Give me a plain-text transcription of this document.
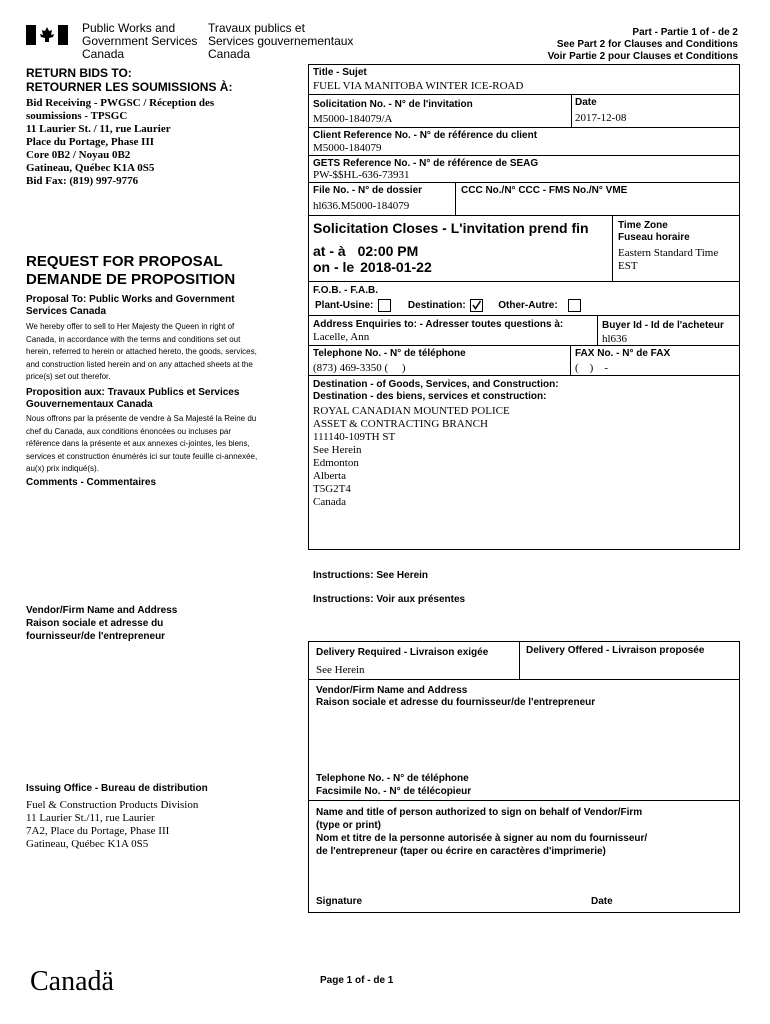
Public Works and
Government Services
Canada
Travaux publics et
Services gouvernementaux
Canada
Part - Partie 1 of - de 2
See Part 2 for Clauses and Conditions
Voir Partie 2 pour Clauses et Conditions
RETURN BIDS TO:
RETOURNER LES SOUMISSIONS À:
Bid Receiving - PWGSC / Réception des
soumissions - TPSGC
11 Laurier St. / 11, rue Laurier
Place du Portage, Phase III
Core 0B2 / Noyau 0B2
Gatineau, Québec K1A 0S5
Bid Fax: (819) 997-9776
REQUEST FOR PROPOSAL
DEMANDE DE PROPOSITION
Proposal To: Public Works and Government Services Canada
We hereby offer to sell to Her Majesty the Queen in right of Canada, in accordance with the terms and conditions set out herein, referred to herein or attached hereto, the goods, services, and construction listed herein and on any attached sheets at the price(s) set out therefor.
Proposition aux: Travaux Publics et Services Gouvernementaux Canada
Nous offrons par la présente de vendre à Sa Majesté la Reine du chef du Canada, aux conditions énoncées ou incluses par référence dans la présente et aux annexes ci-jointes, les biens, services et construction énumérés ici sur toute feuille ci-annexée, au(x) prix indiqué(s).
Comments - Commentaires
Vendor/Firm Name and Address
Raison sociale et adresse du
fournisseur/de l'entrepreneur
Issuing Office - Bureau de distribution
Fuel & Construction Products Division
11 Laurier St./11, rue Laurier
7A2, Place du Portage, Phase III
Gatineau, Québec K1A 0S5
Title - Sujet
FUEL VIA MANITOBA WINTER ICE-ROAD
Solicitation No. - N° de l'invitation
M5000-184079/A
Date
2017-12-08
Client Reference No. - N° de référence du client
M5000-184079
GETS Reference No. - N° de référence de SEAG
PW-$$HL-636-73931
File No. - N° de dossier
hl636.M5000-184079
CCC No./N° CCC - FMS No./N° VME
Solicitation Closes - L'invitation prend fin
at - à 02:00 PM
on - le 2018-01-22
Time Zone
Fuseau horaire
Eastern Standard Time
EST
F.O.B. - F.A.B.
Plant-Usine:	Destination:	Other-Autre:
Address Enquiries to: - Adresser toutes questions à:
Lacelle, Ann
Buyer Id - Id de l'acheteur
hl636
Telephone No. - N° de téléphone
(873) 469-3350 (     )
FAX No. - N° de FAX
(    )    -
Destination - of Goods, Services, and Construction:
Destination - des biens, services et construction:
ROYAL CANADIAN MOUNTED POLICE
ASSET & CONTRACTING BRANCH
111140-109TH ST
See Herein
Edmonton
Alberta
T5G2T4
Canada
Instructions: See Herein
Instructions: Voir aux présentes
Delivery Required - Livraison exigée
See Herein
Delivery Offered - Livraison proposée
Vendor/Firm Name and Address
Raison sociale et adresse du fournisseur/de l'entrepreneur
Telephone No. - N° de téléphone
Facsimile No. - N° de télécopieur
Name and title of person authorized to sign on behalf of Vendor/Firm
(type or print)
Nom et titre de la personne autorisée à signer au nom du fournisseur/
de l'entrepreneur (taper ou écrire en caractères d'imprimerie)
Signature	Date
Canadä	Page 1 of - de 1
